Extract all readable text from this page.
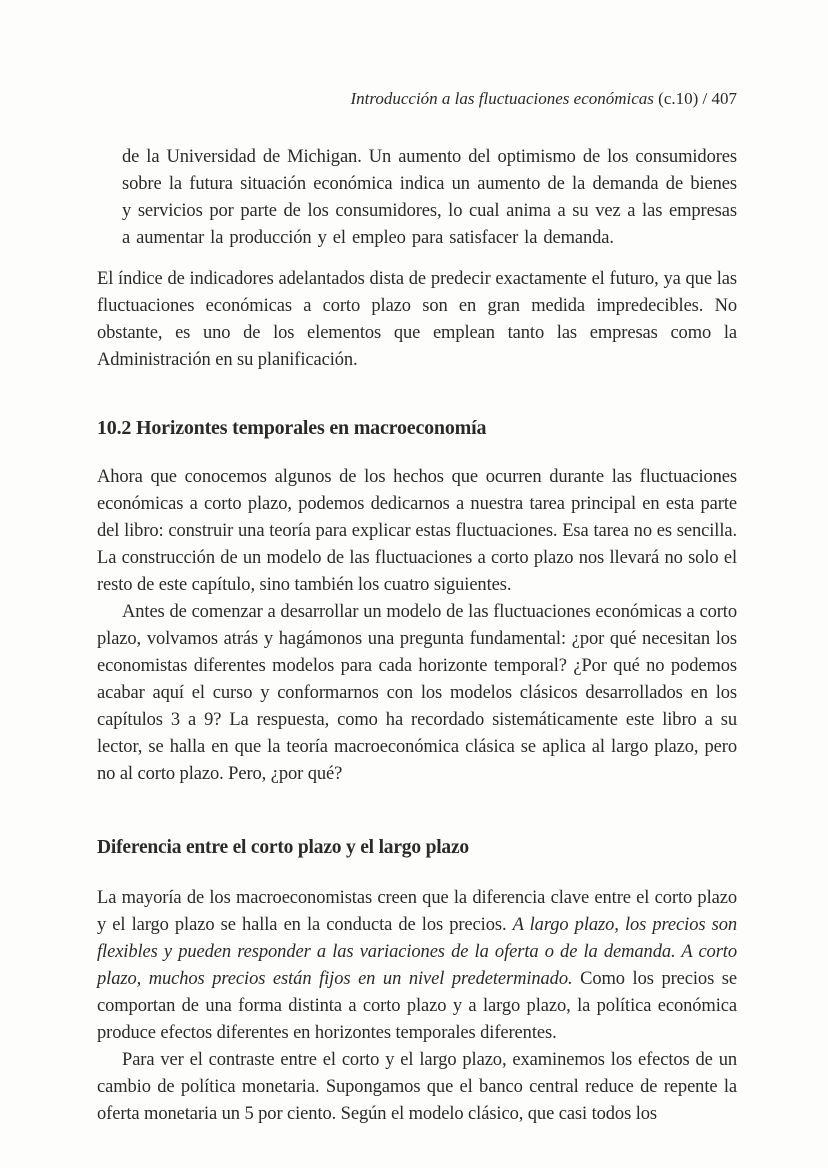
Introducción a las fluctuaciones económicas (c.10) / 407

de la Universidad de Michigan. Un aumento del optimismo de los consumidores sobre la futura situación económica indica un aumento de la demanda de bienes y servicios por parte de los consumidores, lo cual anima a su vez a las empresas a aumentar la producción y el empleo para satisfacer la demanda.

El índice de indicadores adelantados dista de predecir exactamente el futuro, ya que las fluctuaciones económicas a corto plazo son en gran medida impredecibles. No obstante, es uno de los elementos que emplean tanto las empresas como la Administración en su planificación.

10.2 Horizontes temporales en macroeconomía

Ahora que conocemos algunos de los hechos que ocurren durante las fluctuaciones económicas a corto plazo, podemos dedicarnos a nuestra tarea principal en esta parte del libro: construir una teoría para explicar estas fluctuaciones. Esa tarea no es sencilla. La construcción de un modelo de las fluctuaciones a corto plazo nos llevará no solo el resto de este capítulo, sino también los cuatro siguientes.

Antes de comenzar a desarrollar un modelo de las fluctuaciones económicas a corto plazo, volvamos atrás y hagámonos una pregunta fundamental: ¿por qué necesitan los economistas diferentes modelos para cada horizonte temporal? ¿Por qué no podemos acabar aquí el curso y conformarnos con los modelos clásicos desarrollados en los capítulos 3 a 9? La respuesta, como ha recordado sistemáticamente este libro a su lector, se halla en que la teoría macroeconómica clásica se aplica al largo plazo, pero no al corto plazo. Pero, ¿por qué?

Diferencia entre el corto plazo y el largo plazo

La mayoría de los macroeconomistas creen que la diferencia clave entre el corto plazo y el largo plazo se halla en la conducta de los precios. A largo plazo, los precios son flexibles y pueden responder a las variaciones de la oferta o de la demanda. A corto plazo, muchos precios están fijos en un nivel predeterminado. Como los precios se comportan de una forma distinta a corto plazo y a largo plazo, la política económica produce efectos diferentes en horizontes temporales diferentes.

Para ver el contraste entre el corto y el largo plazo, examinemos los efectos de un cambio de política monetaria. Supongamos que el banco central reduce de repente la oferta monetaria un 5 por ciento. Según el modelo clásico, que casi todos los
